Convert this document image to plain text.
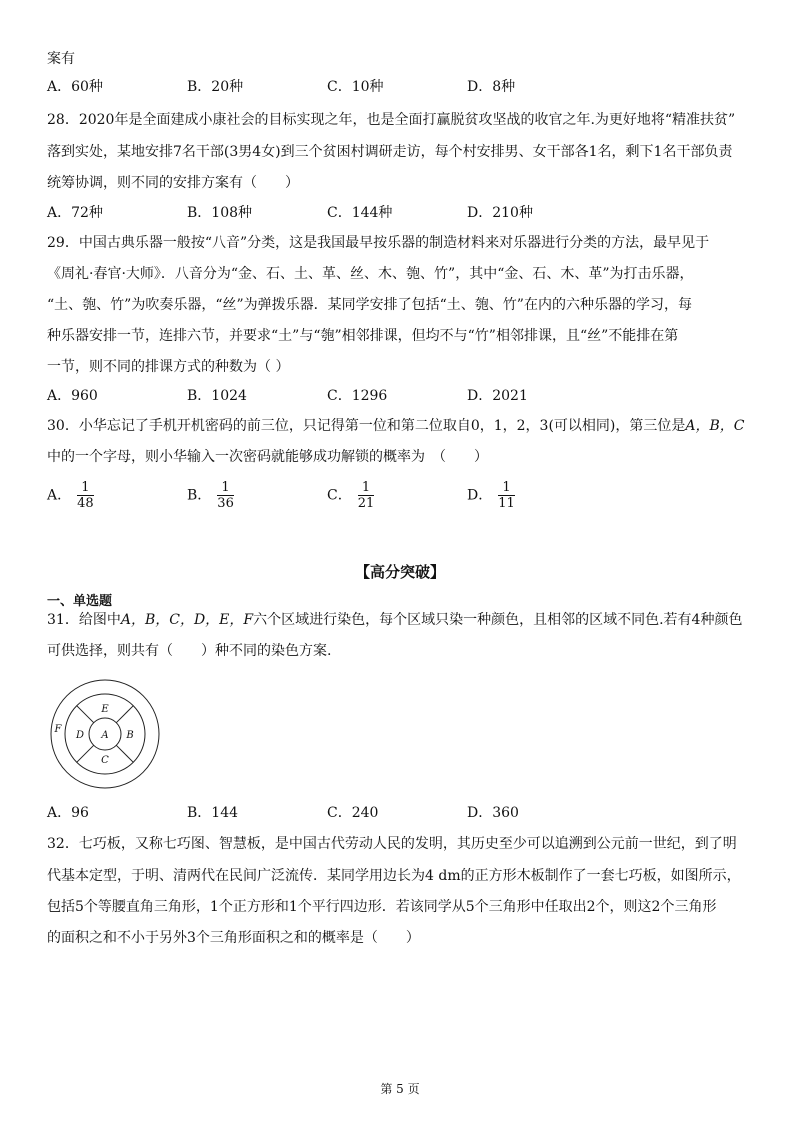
案有
A．60种	B．20种	C．10种	D．8种
28．2020年是全面建成小康社会的目标实现之年，也是全面打赢脱贫攻坚战的收官之年.为更好地将“精准扶贫”
落到实处，某地安排7名干部(3男4女)到三个贫困村调研走访，每个村安排男、女干部各1名，剩下1名干部负责
统筹协调，则不同的安排方案有（　　）
A．72种	B．108种	C．144种	D．210种
29．中国古典乐器一般按“八音”分类，这是我国最早按乐器的制造材料来对乐器进行分类的方法，最早见于
《周礼·春官·大师》．八音分为“金、石、土、革、丝、木、匏、竹”，其中“金、石、木、革”为打击乐器，
“土、匏、竹”为吹奏乐器，“丝”为弹拨乐器．某同学安排了包括“土、匏、竹”在内的六种乐器的学习，每
种乐器安排一节，连排六节，并要求“土”与“匏”相邻排课，但均不与“竹”相邻排课，且“丝”不能排在第
一节，则不同的排课方式的种数为（ ）
A．960	B．1024	C．1296	D．2021
30．小华忘记了手机开机密码的前三位，只记得第一位和第二位取自0，1，2，3(可以相同)，第三位是A，B，C
中的一个字母，则小华输入一次密码就能够成功解锁的概率为　（　　）
A． $\frac{1}{48}$	B． $\frac{1}{36}$	C． $\frac{1}{21}$	D． $\frac{1}{11}$
【高分突破】
一、单选题
31．给图中A，B，C，D，E，F六个区域进行染色，每个区域只染一种颜色，且相邻的区域不同色.若有4种颜色
可供选择，则共有（　　）种不同的染色方案.
A B
C
D
E
F
A．96	B．144	C．240	D．360
32．七巧板，又称七巧图、智慧板，是中国古代劳动人民的发明，其历史至少可以追溯到公元前一世纪，到了明
代基本定型，于明、清两代在民间广泛流传．某同学用边长为4 dm的正方形木板制作了一套七巧板，如图所示，
包括5个等腰直角三角形，1个正方形和1个平行四边形．若该同学从5个三角形中任取出2个，则这2个三角形
的面积之和不小于另外3个三角形面积之和的概率是（　　）
第 5 页
